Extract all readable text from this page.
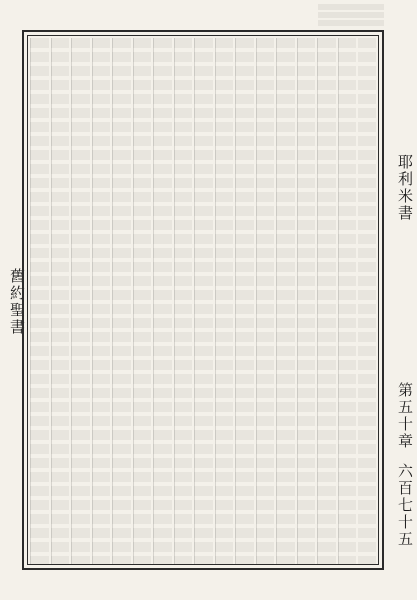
舊約聖書
耶利米書第五十章
六百七十五
